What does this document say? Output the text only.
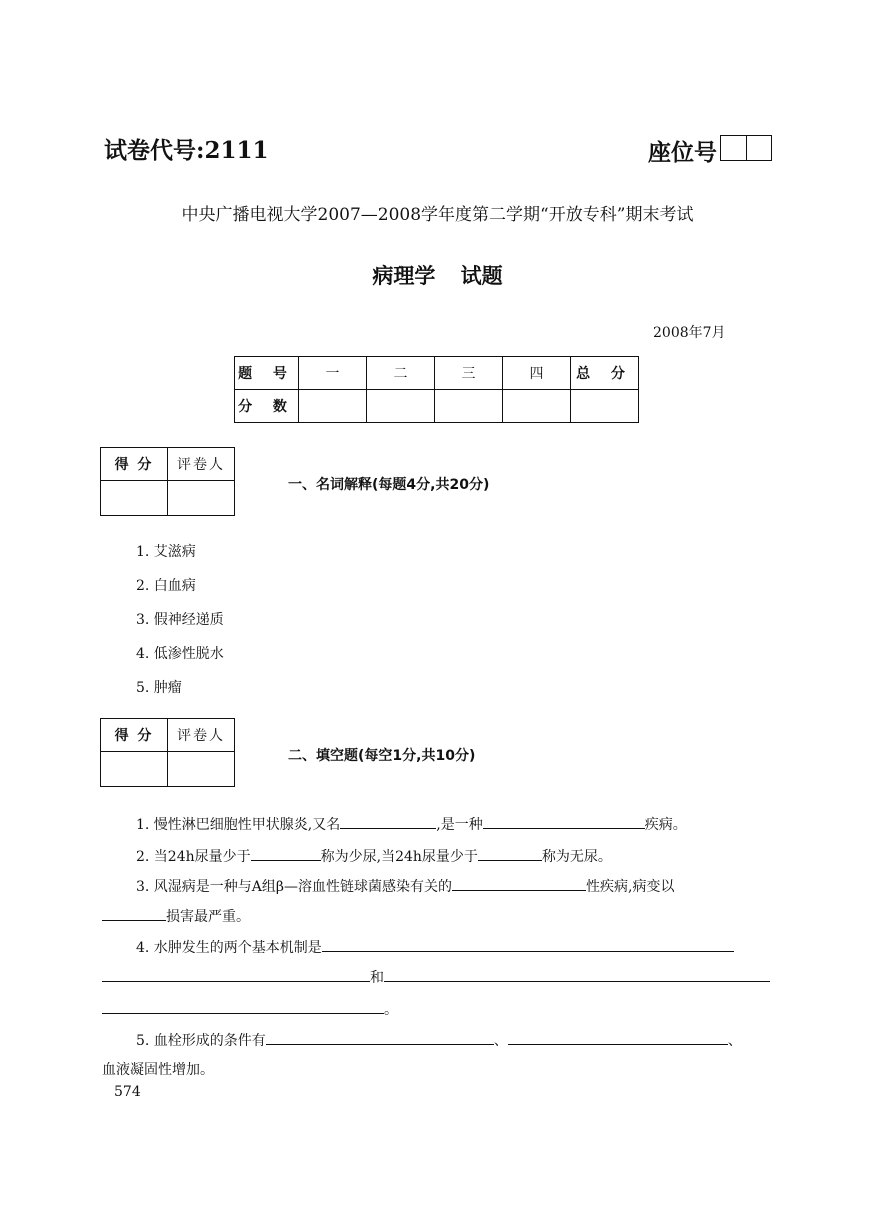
试卷代号:2111	座位号
中央广播电视大学2007—2008学年度第二学期“开放专科”期末考试
病理学 试题
2008年7月
题 号	一	二	三	四	总 分
分 数					
得 分	评卷人

一、名词解释(每题4分,共20分)
1. 艾滋病
2. 白血病
3. 假神经递质
4. 低渗性脱水
5. 肿瘤
得 分	评卷人

二、填空题(每空1分,共10分)
1. 慢性淋巴细胞性甲状腺炎,又名	,是一种	疾病。
2. 当24h尿量少于	称为少尿,当24h尿量少于	称为无尿。
3. 风湿病是一种与A组β—溶血性链球菌感染有关的	性疾病,病变以
损害最严重。
4. 水肿发生的两个基本机制是
和
。
5. 血栓形成的条件有	、	、
血液凝固性增加。
574
